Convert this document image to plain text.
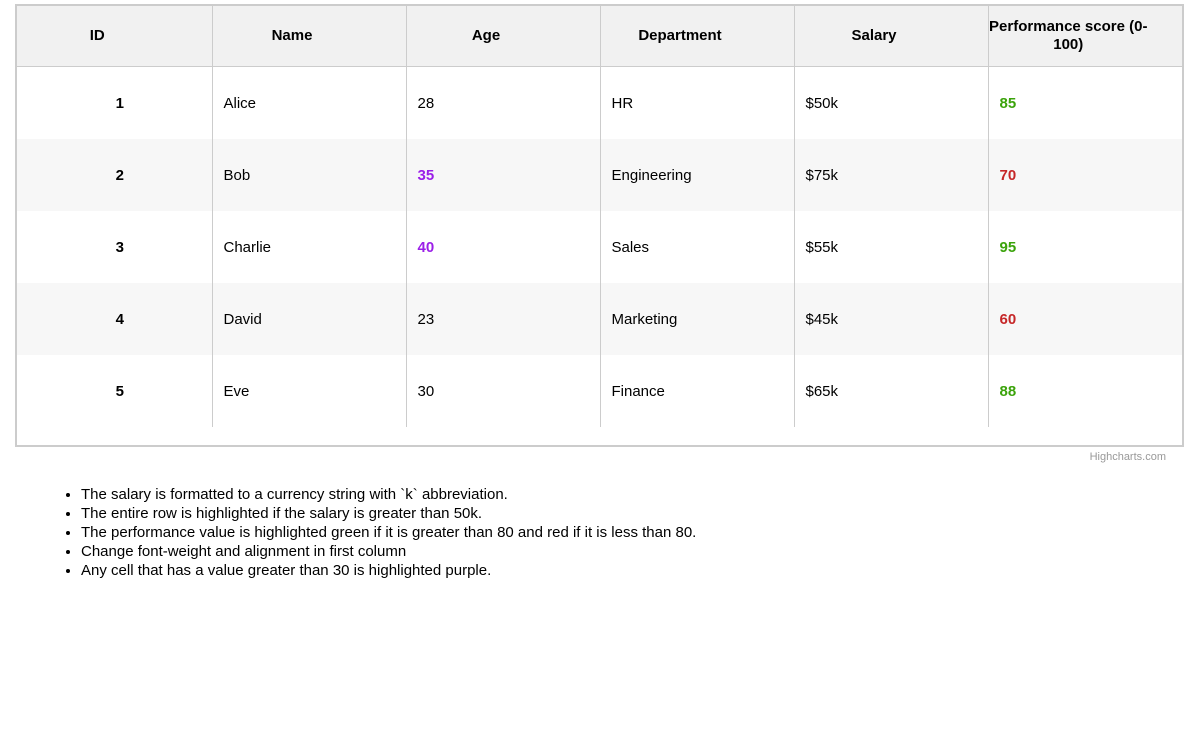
ID	Name	Age	Department	Salary	Performance score (0-100)
1	Alice	28	HR	$50k	85
2	Bob	35	Engineering	$75k	70
3	Charlie	40	Sales	$55k	95
4	David	23	Marketing	$45k	60
5	Eve	30	Finance	$65k	88
Highcharts.com
• The salary is formatted to a currency string with `k` abbreviation.
• The entire row is highlighted if the salary is greater than 50k.
• The performance value is highlighted green if it is greater than 80 and red if it is less than 80.
• Change font-weight and alignment in first column
• Any cell that has a value greater than 30 is highlighted purple.
